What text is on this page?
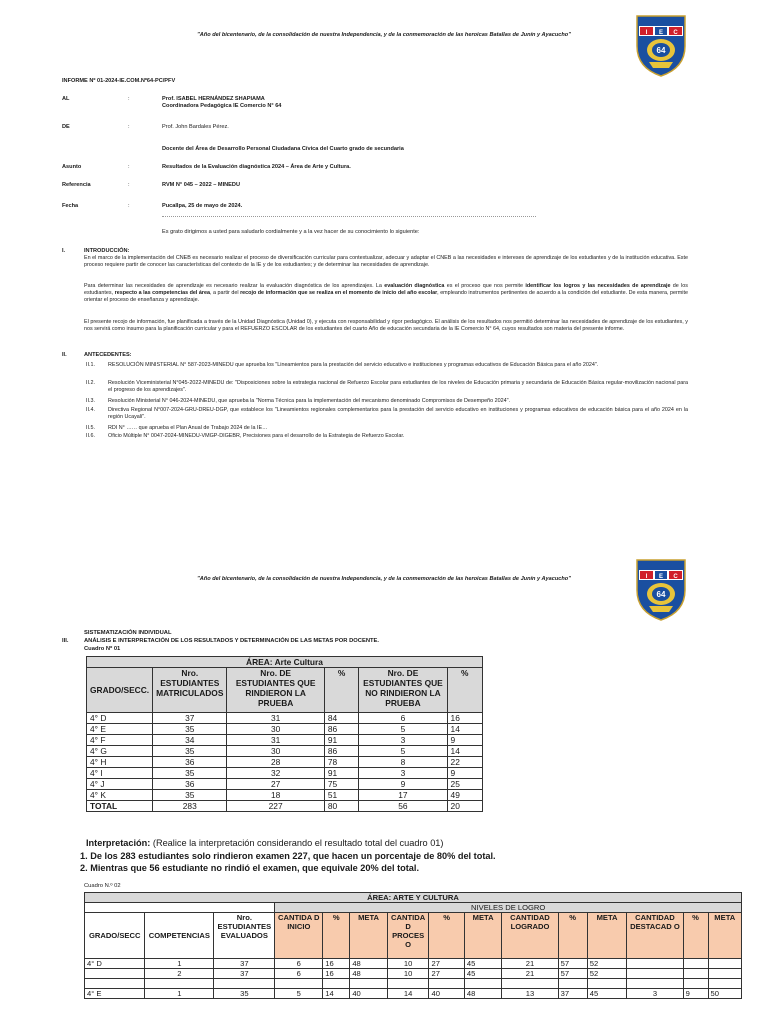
"Año del bicentenario, de la consolidación de nuestra Independencia, y de la conmemoración de las heroicas Batallas de Junín y Ayacucho"	I E C
64
INFORME Nº 01-2024-IE.COM.Nº64-PC/PFV
AL	:	Prof. ISABEL HERNÁNDEZ SHAPIAMA
Coordinadora Pedagógica IE Comercio N° 64
DE	:	Prof. John Bardales Pérez.
Docente del Área de Desarrollo Personal Ciudadana Cívica del Cuarto grado de secundaria
Asunto	:	Resultados de la Evaluación diagnóstica 2024 – Área de Arte y Cultura.
Referencia	:	RVM N° 045 – 2022 – MINEDU
Fecha	:	Pucallpa, 25 de mayo de 2024.
Es grato dirigirnos a usted para saludarlo cordialmente y a la vez hacer de su conocimiento lo siguiente:
I.	INTRODUCCIÓN:
En el marco de la implementación del CNEB es necesario realizar el proceso de diversificación curricular para contextualizar, adecuar y adaptar el CNEB a las necesidades e intereses de aprendizaje de los estudiantes y de la institución educativa. Este proceso requiere partir de conocer las características del contexto de la IE y de los estudiantes; y de determinar las necesidades de aprendizaje.
Para determinar las necesidades de aprendizaje es necesario realizar la evaluación diagnóstica de los aprendizajes. La evaluación diagnóstica es el proceso que nos permite identificar los logros y las necesidades de aprendizaje de los estudiantes, respecto a las competencias del área, a partir del recojo de información que se realiza en el momento de inicio del año escolar, empleando instrumentos pertinentes de acuerdo a la condición del estudiante. De esta manera, permite orientar el proceso de enseñanza y aprendizaje.
El presente recojo de información, fue planificada a través de la Unidad Diagnóstica (Unidad 0), y ejecuta con responsabilidad y rigor pedagógico. El análisis de los resultados nos permitió determinar las necesidades de aprendizaje de los estudiantes, y nos servirá como insumo para la planificación curricular y para el REFUERZO ESCOLAR de los estudiantes del cuarto Año de educación secundaria de la IE Comercio N° 64, cuyos resultados son materia del presente informe.
II.	ANTECEDENTES:
II.1. RESOLUCIÓN MINISTERIAL N° 587-2023-MINEDU que aprueba los "Lineamientos para la prestación del servicio educativo e instituciones y programas educativos de Educación Básica para el año 2024".
II.2. Resolución Viceministerial N°045-2022-MINEDU de: "Disposiciones sobre la estrategia nacional de Refuerzo Escolar para estudiantes de los niveles de Educación primaria y secundaria de Educación Básica regular-movilización nacional para el progreso de los aprendizajes".
II.3. Resolución Ministerial N° 046-2024-MINEDU, que aprueba la "Norma Técnica para la implementación del mecanismo denominado Compromisos de Desempeño 2024".
II.4. Directiva Regional N°007-2024-GRU-DREU-DGP, que establece los "Lineamientos regionales complementarios para la prestación del servicio educativo en instituciones y programas educativos de educación básica para el año 2024 en la región Ucayali".
II.5. RDI N° …… que aprueba el Plan Anual de Trabajo 2024 de la IE…
II.6. Oficio Múltiple N° 0047-2024-MINEDU-VMGP-DIGEBR, Precisiones para el desarrollo de la Estrategia de Refuerzo Escolar.
"Año del bicentenario, de la consolidación de nuestra Independencia, y de la conmemoración de las heroicas Batallas de Junín y Ayacucho"	I E C
64
SISTEMATIZACIÓN INDIVIDUAL
III.	ANÁLISIS E INTERPRETACIÓN DE LOS RESULTADOS Y DETERMINACIÓN DE LAS METAS POR DOCENTE.
Cuadro Nº 01
ÁREA: Arte Cultura					
GRADO/SECC.	Nro. ESTUDIANTES MATRICULADOS	Nro. DE ESTUDIANTES QUE RINDIERON LA PRUEBA	%	Nro. DE ESTUDIANTES QUE NO RINDIERON LA PRUEBA	%
4° D	37	31	84	6	16
4° E	35	30	86	5	14
4° F	34	31	91	3	9
4° G	35	30	86	5	14
4° H	36	28	78	8	22
4° I	35	32	91	3	9
4° J	36	27	75	9	25
4° K	35	18	51	17	49
TOTAL	283	227	80	56	20
Interpretación: (Realice la interpretación considerando el resultado total del cuadro 01)
1. De los 283 estudiantes solo rindieron examen 227, que hacen un porcentaje de 80% del total.
2. Mientras que 56 estudiante no rindió el examen, que equivale 20% del total.
Cuadro N.º 02
ÁREA: ARTE Y CULTURA														
			NIVELES DE LOGRO											
GRADO/SECC	COMPETENCIAS	Nro. ESTUDIANTES EVALUADOS	CANTIDA D INICIO	%	META	CANTIDA D PROCES O	%	META	CANTIDAD LOGRADO	%	META	CANTIDAD DESTACAD O	%	META
4° D	1	37	6	16	48	10	27	45	21	57	52			
	2	37	6	16	48	10	27	45	21	57	52			

4° E	1	35	5	14	40	14	40	48	13	37	45	3	9	50
